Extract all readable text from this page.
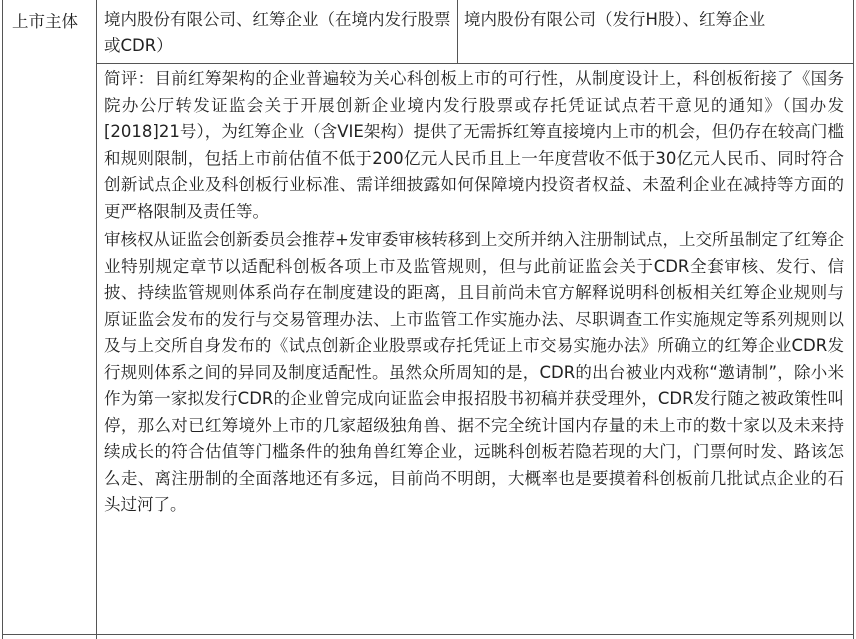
上市主体 境内股份有限公司、红筹企业（在境内发行股票或CDR）
境内股份有限公司（发行H股）、红筹企业

简评：目前红筹架构的企业普遍较为关心科创板上市的可行性，从制度设计上，科创板衔接了《国务院办公厅转发证监会关于开展创新企业境内发行股票或存托凭证试点若干意见的通知》（国办发[2018]21号），为红筹企业（含VIE架构）提供了无需拆红筹直接境内上市的机会，但仍存在较高门槛和规则限制，包括上市前估值不低于200亿元人民币且上一年度营收不低于30亿元人民币、同时符合创新试点企业及科创板行业标准、需详细披露如何保障境内投资者权益、未盈利企业在减持等方面的更严格限制及责任等。

审核权从证监会创新委员会推荐+发审委审核转移到上交所并纳入注册制试点，上交所虽制定了红筹企业特别规定章节以适配科创板各项上市及监管规则，但与此前证监会关于CDR全套审核、发行、信披、持续监管规则体系尚存在制度建设的距离，且目前尚未官方解释说明科创板相关红筹企业规则与原证监会发布的发行与交易管理办法、上市监管工作实施办法、尽职调查工作实施规定等系列规则以及与上交所自身发布的《试点创新企业股票或存托凭证上市交易实施办法》所确立的红筹企业CDR发行规则体系之间的异同及制度适配性。虽然众所周知的是，CDR的出台被业内戏称“邀请制”，除小米作为第一家拟发行CDR的企业曾完成向证监会申报招股书初稿并获受理外，CDR发行随之被政策性叫停，那么对已红筹境外上市的几家超级独角兽、据不完全统计国内存量的未上市的数十家以及未来持续成长的符合估值等门槛条件的独角兽红筹企业，远眺科创板若隐若现的大门，门票何时发、路该怎么走、离注册制的全面落地还有多远，目前尚不明朗，大概率也是要摸着科创板前几批试点企业的石头过河了。
